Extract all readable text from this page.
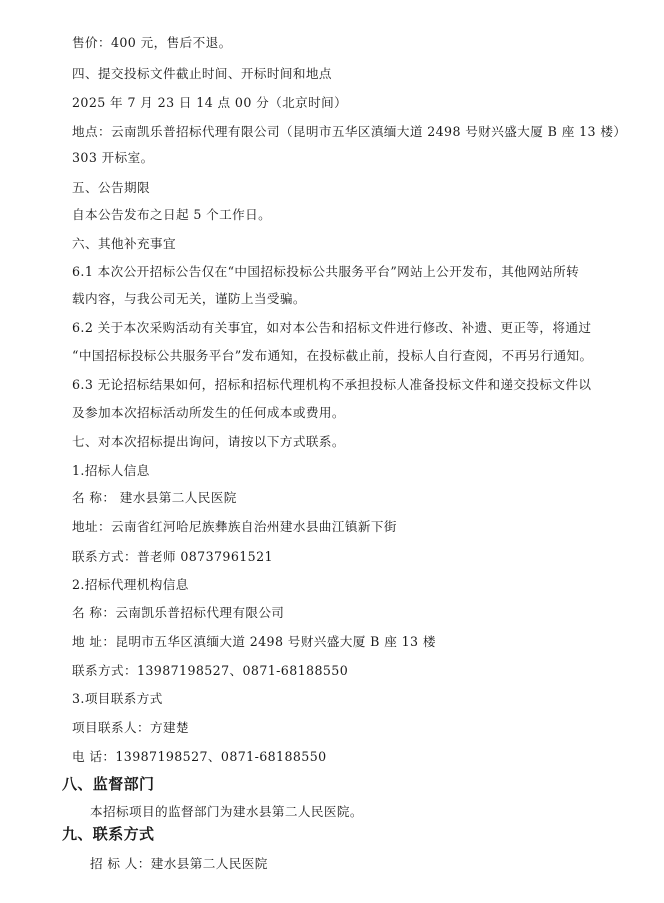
售价：400 元，售后不退。
四、提交投标文件截止时间、开标时间和地点
2025 年 7 月 23 日 14 点 00 分（北京时间）
地点：云南凯乐普招标代理有限公司（昆明市五华区滇缅大道 2498 号财兴盛大厦 B 座 13 楼）
303 开标室。
五、公告期限
自本公告发布之日起 5 个工作日。
六、其他补充事宜
6.1 本次公开招标公告仅在“中国招标投标公共服务平台”网站上公开发布，其他网站所转
载内容，与我公司无关，谨防上当受骗。
6.2 关于本次采购活动有关事宜，如对本公告和招标文件进行修改、补遗、更正等，将通过
“中国招标投标公共服务平台”发布通知，在投标截止前，投标人自行查阅，不再另行通知。
6.3 无论招标结果如何，招标和招标代理机构不承担投标人准备投标文件和递交投标文件以
及参加本次招标活动所发生的任何成本或费用。
七、对本次招标提出询问，请按以下方式联系。
1.招标人信息
名 称： 建水县第二人民医院
地址：云南省红河哈尼族彝族自治州建水县曲江镇新下街
联系方式：普老师 08737961521
2.招标代理机构信息
名 称：云南凯乐普招标代理有限公司
地 址：昆明市五华区滇缅大道 2498 号财兴盛大厦 B 座 13 楼
联系方式：13987198527、0871-68188550
3.项目联系方式
项目联系人：方建楚
电 话：13987198527、0871-68188550
八、监督部门
本招标项目的监督部门为建水县第二人民医院。
九、联系方式
招 标 人：建水县第二人民医院
